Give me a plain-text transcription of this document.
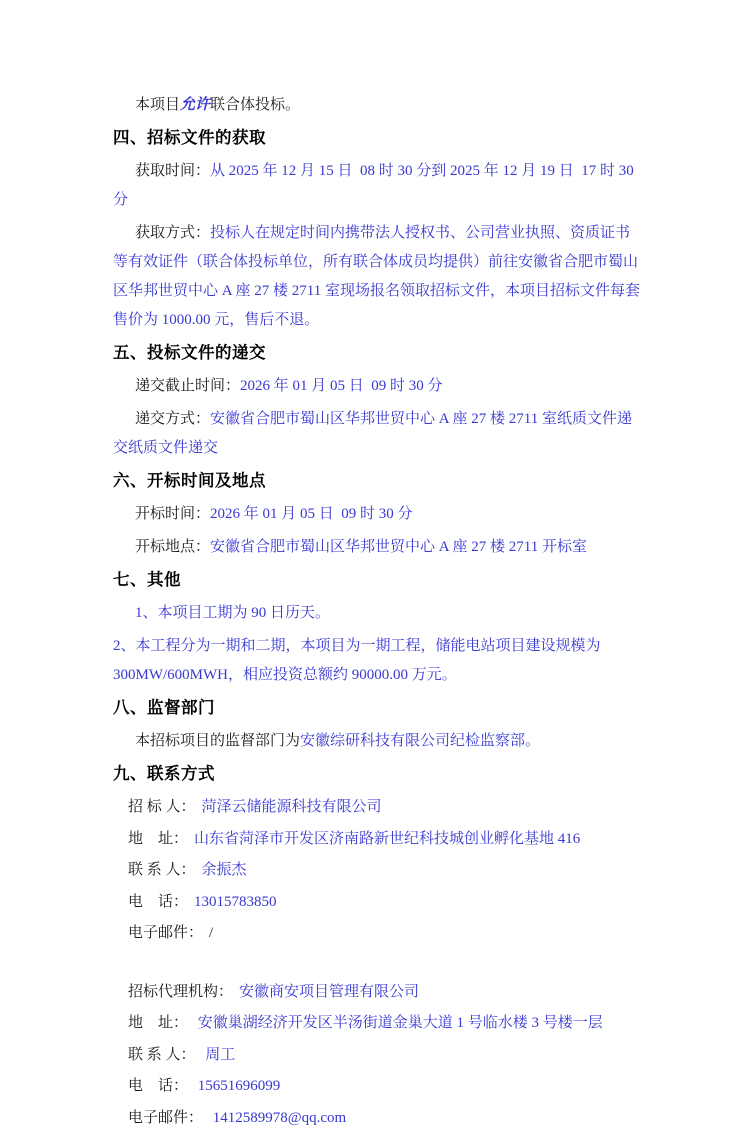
本项目允许联合体投标。

四、招标文件的获取

获取时间：从 2025 年 12 月 15 日  08 时 30 分到 2025 年 12 月 19 日  17 时 30 分

获取方式：投标人在规定时间内携带法人授权书、公司营业执照、资质证书等有效证件（联合体投标单位，所有联合体成员均提供）前往安徽省合肥市蜀山区华邦世贸中心 A 座 27 楼 2711 室现场报名领取招标文件，本项目招标文件每套售价为 1000.00 元，售后不退。

五、投标文件的递交

递交截止时间：2026 年 01 月 05 日  09 时 30 分

递交方式：安徽省合肥市蜀山区华邦世贸中心 A 座 27 楼 2711 室纸质文件递交纸质文件递交

六、开标时间及地点

开标时间：2026 年 01 月 05 日  09 时 30 分

开标地点：安徽省合肥市蜀山区华邦世贸中心 A 座 27 楼 2711 开标室

七、其他

1、本项目工期为 90 日历天。

2、本工程分为一期和二期，本项目为一期工程，储能电站项目建设规模为 300MW/600MWH，相应投资总额约 90000.00 万元。

八、监督部门

本招标项目的监督部门为安徽综研科技有限公司纪检监察部。

九、联系方式

招 标 人： 菏泽云储能源科技有限公司

地    址： 山东省菏泽市开发区济南路新世纪科技城创业孵化基地 416

联 系 人： 余振杰

电    话： 13015783850

电子邮件： /

招标代理机构： 安徽商安项目管理有限公司

地    址： 安徽巢湖经济开发区半汤街道金巢大道 1 号临水楼 3 号楼一层

联 系 人： 周工

电    话： 15651696099

电子邮件： 1412589978@qq.com
